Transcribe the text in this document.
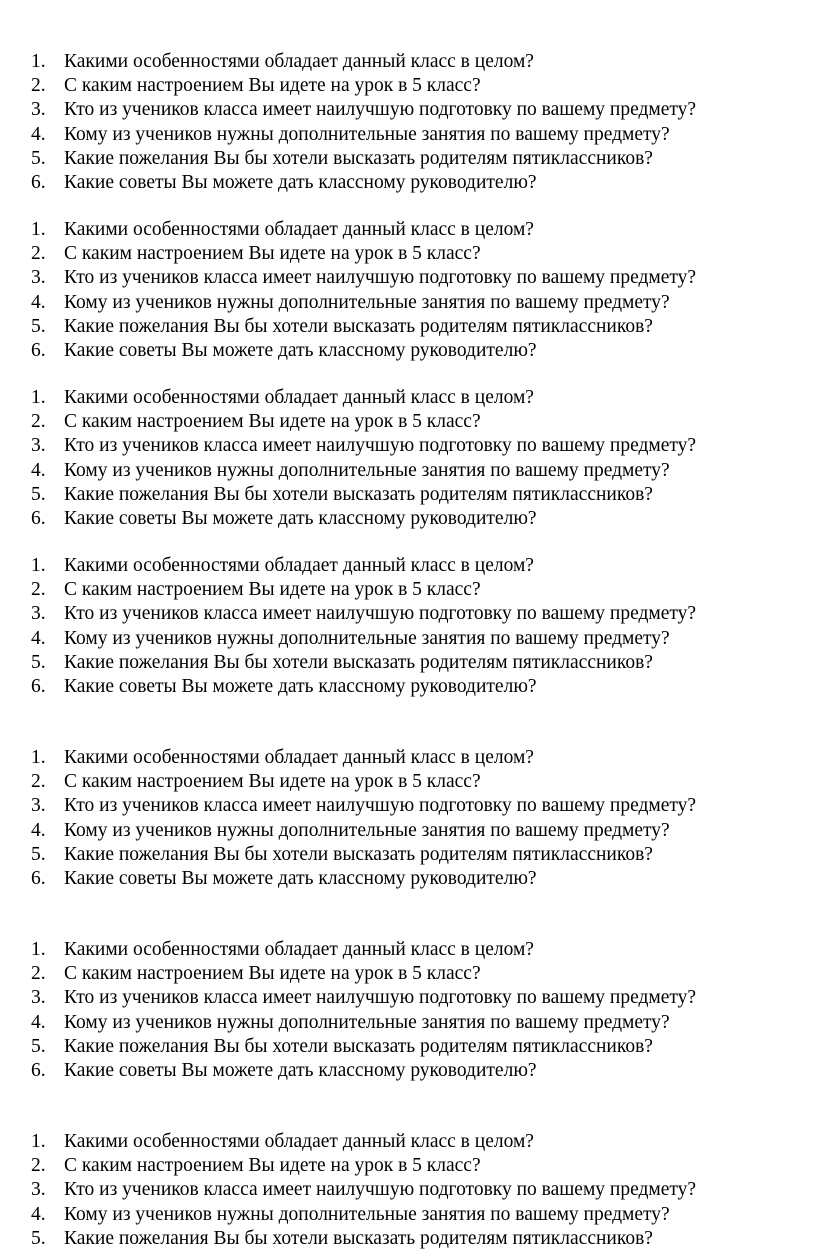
1. Какими особенностями обладает данный класс в целом?
2. С каким настроением Вы идете на урок в 5 класс?
3. Кто из учеников класса имеет наилучшую подготовку по вашему предмету?
4. Кому из учеников нужны дополнительные занятия по вашему предмету?
5. Какие пожелания Вы бы хотели высказать родителям пятиклассников?
6. Какие советы Вы можете дать классному руководителю?
1. Какими особенностями обладает данный класс в целом?
2. С каким настроением Вы идете на урок в 5 класс?
3. Кто из учеников класса имеет наилучшую подготовку по вашему предмету?
4. Кому из учеников нужны дополнительные занятия по вашему предмету?
5. Какие пожелания Вы бы хотели высказать родителям пятиклассников?
6. Какие советы Вы можете дать классному руководителю?
1. Какими особенностями обладает данный класс в целом?
2. С каким настроением Вы идете на урок в 5 класс?
3. Кто из учеников класса имеет наилучшую подготовку по вашему предмету?
4. Кому из учеников нужны дополнительные занятия по вашему предмету?
5. Какие пожелания Вы бы хотели высказать родителям пятиклассников?
6. Какие советы Вы можете дать классному руководителю?
1. Какими особенностями обладает данный класс в целом?
2. С каким настроением Вы идете на урок в 5 класс?
3. Кто из учеников класса имеет наилучшую подготовку по вашему предмету?
4. Кому из учеников нужны дополнительные занятия по вашему предмету?
5. Какие пожелания Вы бы хотели высказать родителям пятиклассников?
6. Какие советы Вы можете дать классному руководителю?
1. Какими особенностями обладает данный класс в целом?
2. С каким настроением Вы идете на урок в 5 класс?
3. Кто из учеников класса имеет наилучшую подготовку по вашему предмету?
4. Кому из учеников нужны дополнительные занятия по вашему предмету?
5. Какие пожелания Вы бы хотели высказать родителям пятиклассников?
6. Какие советы Вы можете дать классному руководителю?
1. Какими особенностями обладает данный класс в целом?
2. С каким настроением Вы идете на урок в 5 класс?
3. Кто из учеников класса имеет наилучшую подготовку по вашему предмету?
4. Кому из учеников нужны дополнительные занятия по вашему предмету?
5. Какие пожелания Вы бы хотели высказать родителям пятиклассников?
6. Какие советы Вы можете дать классному руководителю?
1. Какими особенностями обладает данный класс в целом?
2. С каким настроением Вы идете на урок в 5 класс?
3. Кто из учеников класса имеет наилучшую подготовку по вашему предмету?
4. Кому из учеников нужны дополнительные занятия по вашему предмету?
5. Какие пожелания Вы бы хотели высказать родителям пятиклассников?
